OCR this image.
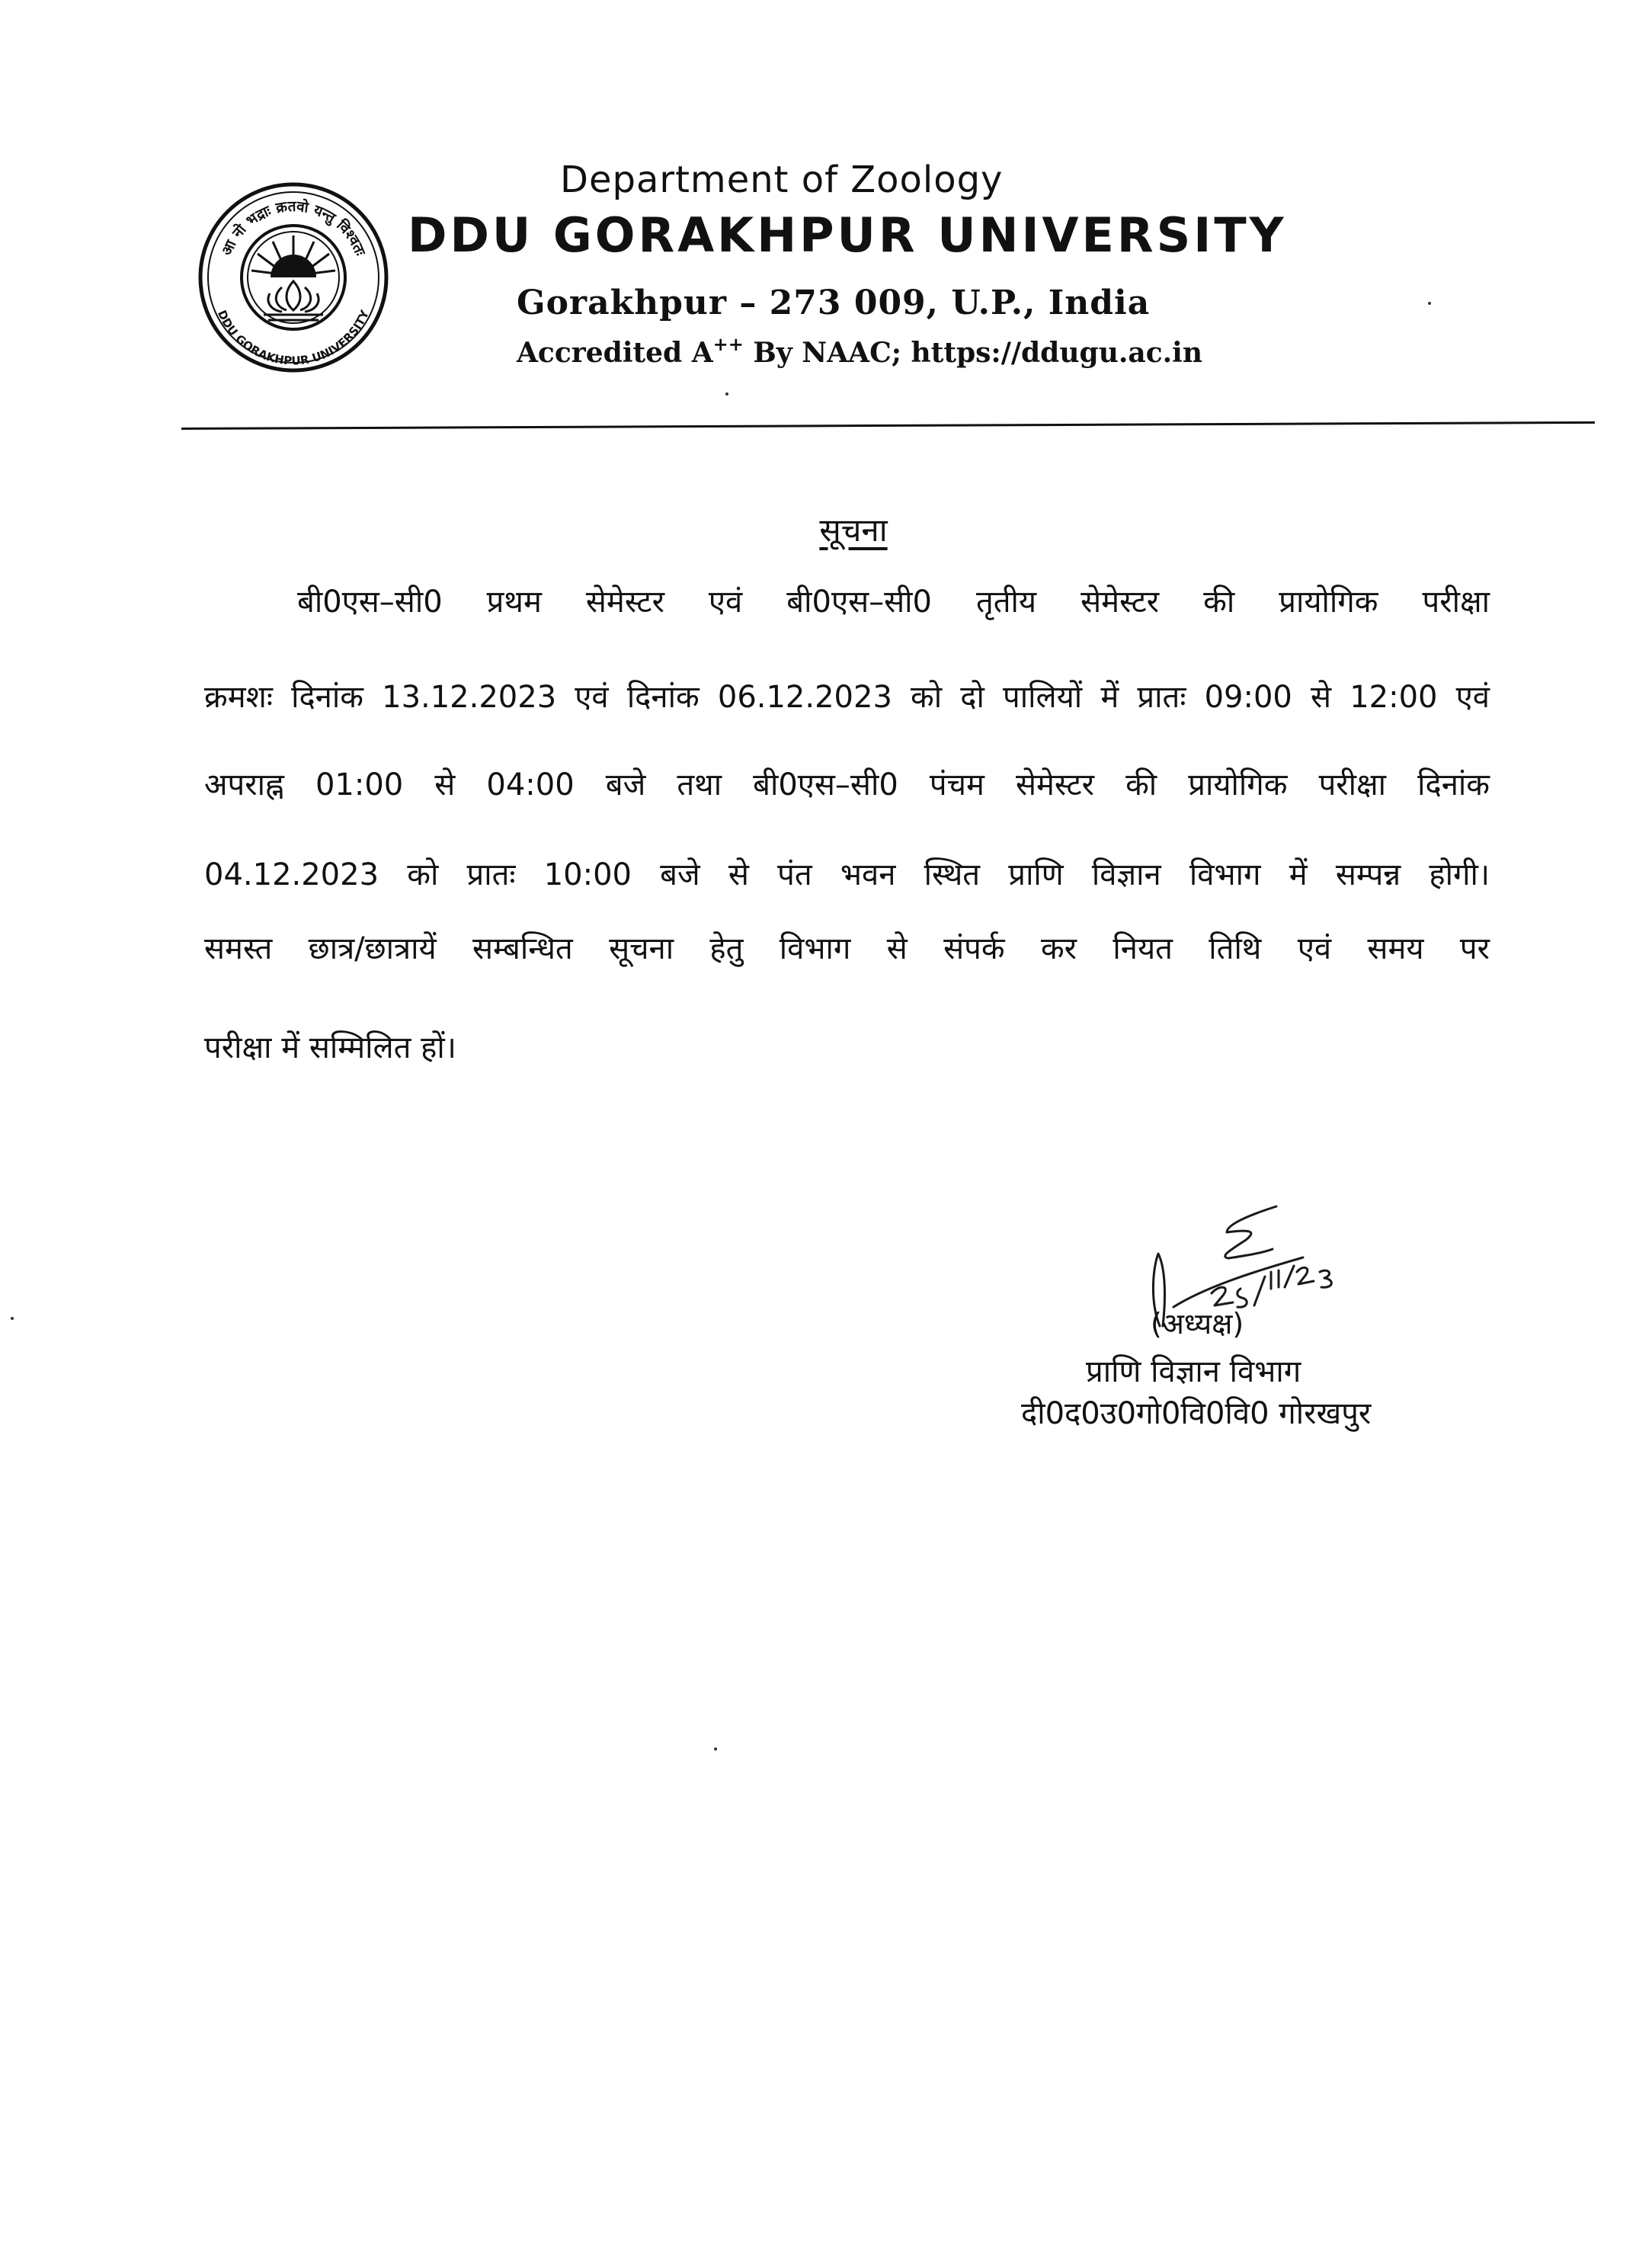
आ नो भद्राः क्रतवो यन्तु विश्वतः
DDU GORAKHPUR UNIVERSITY
Department of Zoology
DDU GORAKHPUR UNIVERSITY
Gorakhpur – 273 009, U.P., India
Accredited A++ By NAAC; https://ddugu.ac.in
सूचना
बी0एस–सी0 प्रथम सेमेस्टर एवं बी0एस–सी0 तृतीय सेमेस्टर की प्रायोगिक परीक्षा
क्रमशः दिनांक 13.12.2023 एवं दिनांक 06.12.2023 को दो पालियों में प्रातः 09:00 से 12:00 एवं
अपराह्न 01:00 से 04:00 बजे तथा बी0एस–सी0 पंचम सेमेस्टर की प्रायोगिक परीक्षा दिनांक
04.12.2023 को प्रातः 10:00 बजे से पंत भवन स्थित प्राणि विज्ञान विभाग में सम्पन्न होगी।
समस्त छात्र/छात्रायें सम्बन्धित सूचना हेतु विभाग से संपर्क कर नियत तिथि एवं समय पर
परीक्षा में सम्मिलित हों।
(अध्यक्ष)
प्राणि विज्ञान विभाग
दी0द0उ0गो0वि0वि0 गोरखपुर
